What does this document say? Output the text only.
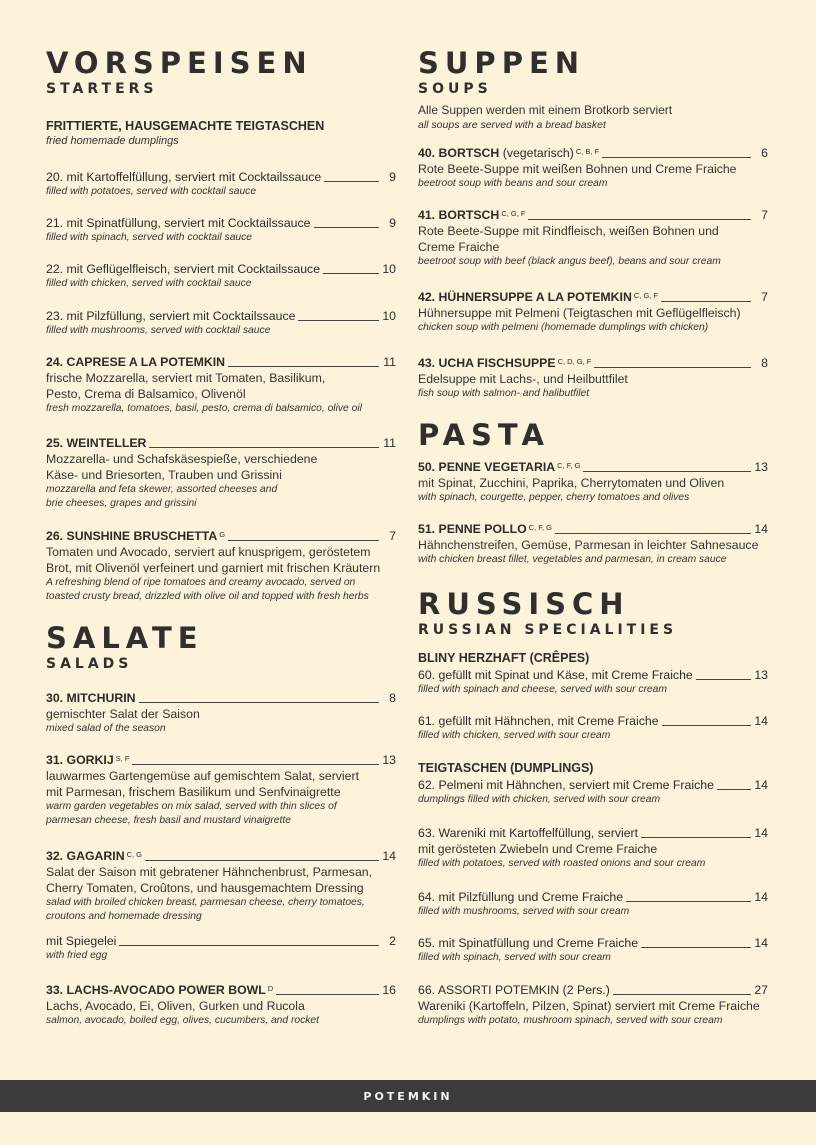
VORSPEISEN
STARTERS
FRITTIERTE, HAUSGEMACHTE TEIGTASCHEN
fried homemade dumplings
20. mit Kartoffelfüllung, serviert mit Cocktailssauce	9
filled with potatoes, served with cocktail sauce
21. mit Spinatfüllung, serviert mit Cocktailssauce	9
filled with spinach, served with cocktail sauce
22. mit Geflügelfleisch, serviert mit Cocktailssauce	10
filled with chicken, served with cocktail sauce
23. mit Pilzfüllung, serviert mit Cocktailssauce	10
filled with mushrooms, served with cocktail sauce
24. CAPRESE A LA POTEMKIN	11
frische Mozzarella, serviert mit Tomaten, Basilikum,
Pesto, Crema di Balsamico, Olivenöl
fresh mozzarella, tomatoes, basil, pesto, crema di balsamico, olive oil
25. WEINTELLER	11
Mozzarella- und Schafskäsespieße, verschiedene
Käse- und Briesorten, Trauben und Grissini
mozzarella and feta skewer, assorted cheeses and
brie cheeses, grapes and grissini
26. SUNSHINE BRUSCHETTA $^G$	7
Tomaten und Avocado, serviert auf knusprigem, geröstetem
Brot, mit Olivenöl verfeinert und garniert mit frischen Kräutern
A refreshing blend of ripe tomatoes and creamy avocado, served on
toasted crusty bread, drizzled with olive oil and topped with fresh herbs
SALATE
SALADS
30. MITCHURIN	8
gemischter Salat der Saison
mixed salad of the season
31. GORKIJ $^{S, F}$	13
lauwarmes Gartengemüse auf gemischtem Salat, serviert
mit Parmesan, frischem Basilikum und Senfvinaigrette
warm garden vegetables on mix salad, served with thin slices of
parmesan cheese, fresh basil and mustard vinaigrette
32. GAGARIN $^{C, G}$	14
Salat der Saison mit gebratener Hähnchenbrust, Parmesan,
Cherry Tomaten, Croûtons, und hausgemachtem Dressing
salad with broiled chicken breast, parmesan cheese, cherry tomatoes,
croutons and homemade dressing
mit Spiegelei	2
with fried egg
33. LACHS-AVOCADO POWER BOWL $^D$	16
Lachs, Avocado, Ei, Oliven, Gurken und Rucola
salmon, avocado, boiled egg, olives, cucumbers, and rocket
SUPPEN
SOUPS
Alle Suppen werden mit einem Brotkorb serviert
all soups are served with a bread basket
40. BORTSCH (vegetarisch) $^{C, B, F}$	6
Rote Beete-Suppe mit weißen Bohnen und Creme Fraiche
beetroot soup with beans and sour cream
41. BORTSCH $^{C, G, F}$	7
Rote Beete-Suppe mit Rindfleisch, weißen Bohnen und
Creme Fraiche
beetroot soup with beef (black angus beef), beans and sour cream
42. HÜHNERSUPPE A LA POTEMKIN $^{C, G, F}$	7
Hühnersuppe mit Pelmeni (Teigtaschen mit Geflügelfleisch)
chicken soup with pelmeni (homemade dumplings with chicken)
43. UCHA FISCHSUPPE $^{C, D, G, F}$	8
Edelsuppe mit Lachs-, und Heilbuttfilet
fish soup with salmon- and halibutfilet
PASTA
50. PENNE VEGETARIA $^{C, F, G}$	13
mit Spinat, Zucchini, Paprika, Cherrytomaten und Oliven
with spinach, courgette, pepper, cherry tomatoes and olives
51. PENNE POLLO $^{C, F, G}$	14
Hähnchenstreifen, Gemüse, Parmesan in leichter Sahnesauce
with chicken breast fillet, vegetables and parmesan, in cream sauce
RUSSISCH
RUSSIAN SPECIALITIES
BLINY HERZHAFT (CRÊPES)
60. gefüllt mit Spinat und Käse, mit Creme Fraiche	13
filled with spinach and cheese, served with sour cream
61. gefüllt mit Hähnchen, mit Creme Fraiche	14
filled with chicken, served with sour cream
TEIGTASCHEN (DUMPLINGS)
62. Pelmeni mit Hähnchen, serviert mit Creme Fraiche	14
dumplings filled with chicken, served with sour cream
63. Wareniki mit Kartoffelfüllung, serviert	14
mit gerösteten Zwiebeln und Creme Fraiche
filled with potatoes, served with roasted onions and sour cream
64. mit Pilzfüllung und Creme Fraiche	14
filled with mushrooms, served with sour cream
65. mit Spinatfüllung und Creme Fraiche	14
filled with spinach, served with sour cream
66. ASSORTI POTEMKIN (2 Pers.)	27
Wareniki (Kartoffeln, Pilzen, Spinat) serviert mit Creme Fraiche
dumplings with potato, mushroom spinach, served with sour cream
POTEMKIN
